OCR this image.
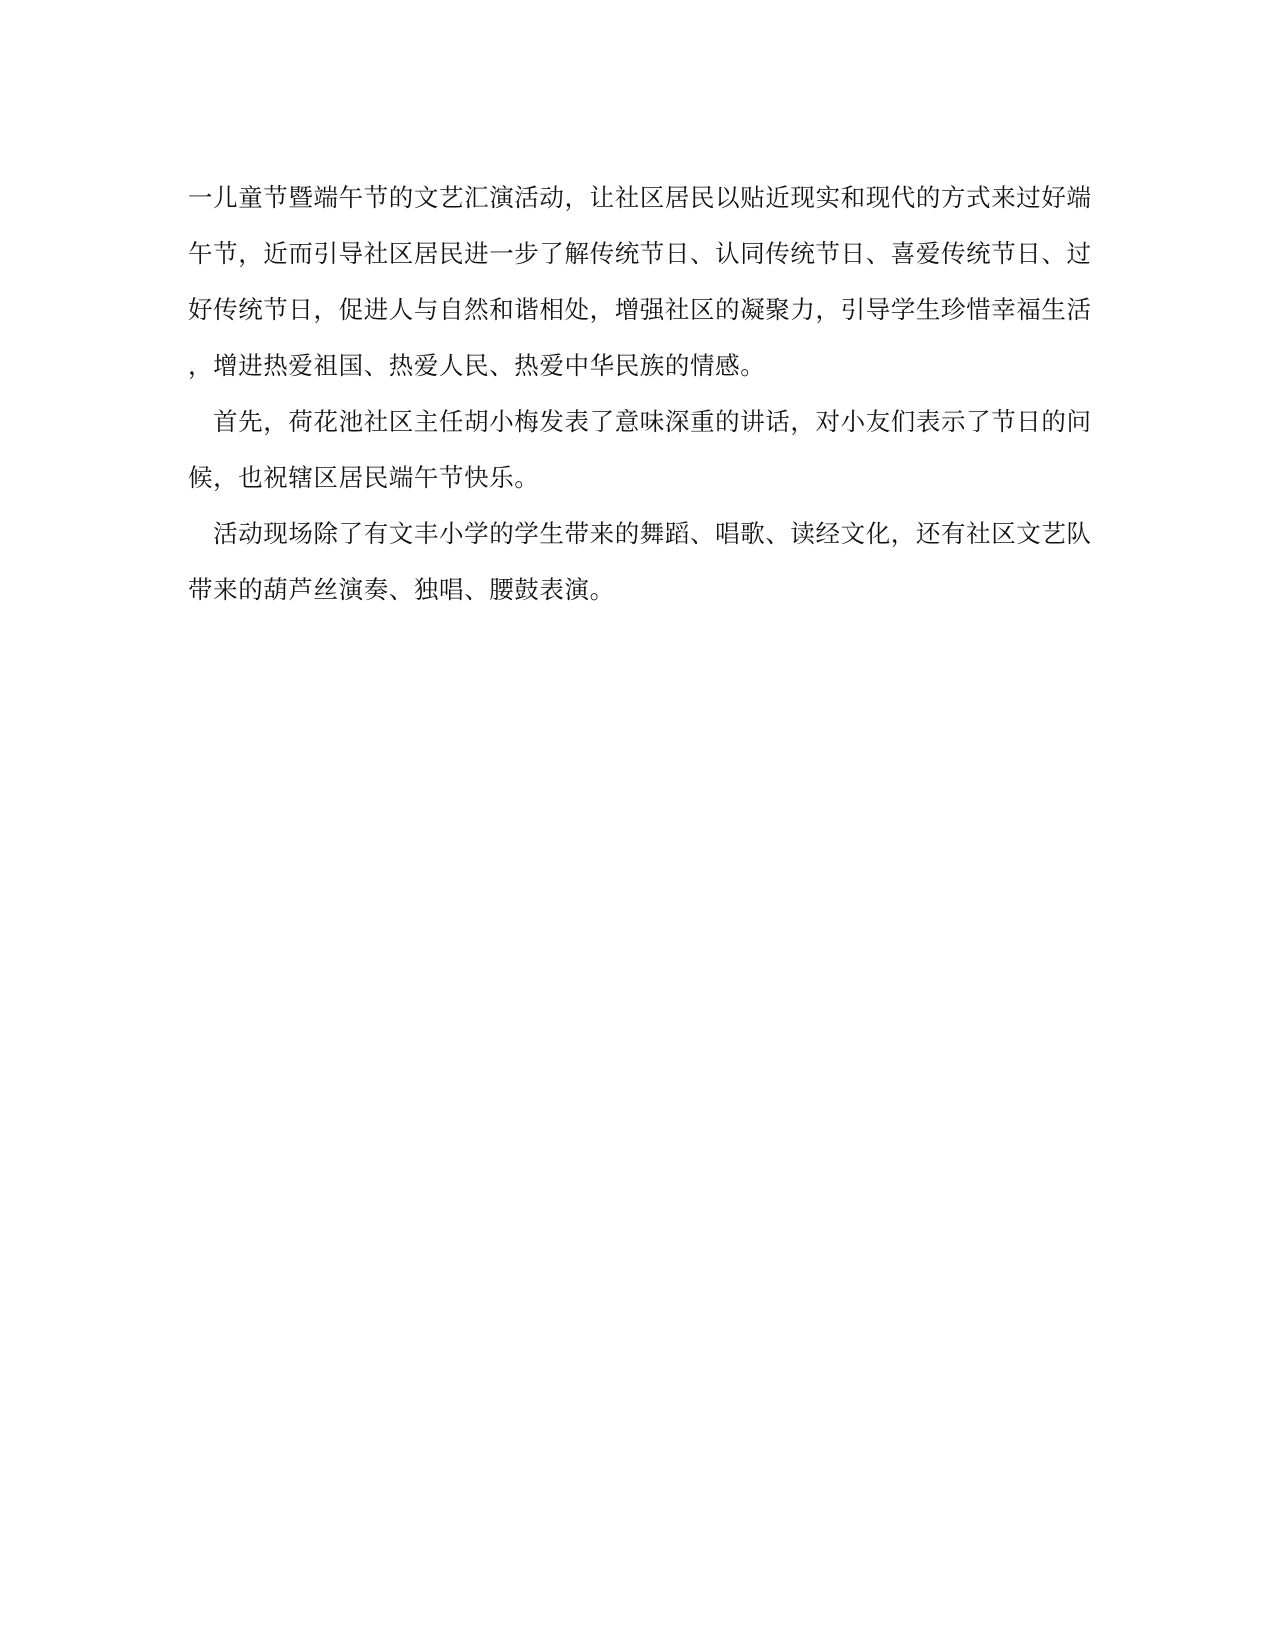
一儿童节暨端午节的文艺汇演活动，让社区居民以贴近现实和现代的方式来过好端
午节，近而引导社区居民进一步了解传统节日、认同传统节日、喜爱传统节日、过
好传统节日，促进人与自然和谐相处，增强社区的凝聚力，引导学生珍惜幸福生活
，增进热爱祖国、热爱人民、热爱中华民族的情感。
　首先，荷花池社区主任胡小梅发表了意味深重的讲话，对小友们表示了节日的问
候，也祝辖区居民端午节快乐。
　活动现场除了有文丰小学的学生带来的舞蹈、唱歌、读经文化，还有社区文艺队
带来的葫芦丝演奏、独唱、腰鼓表演。
